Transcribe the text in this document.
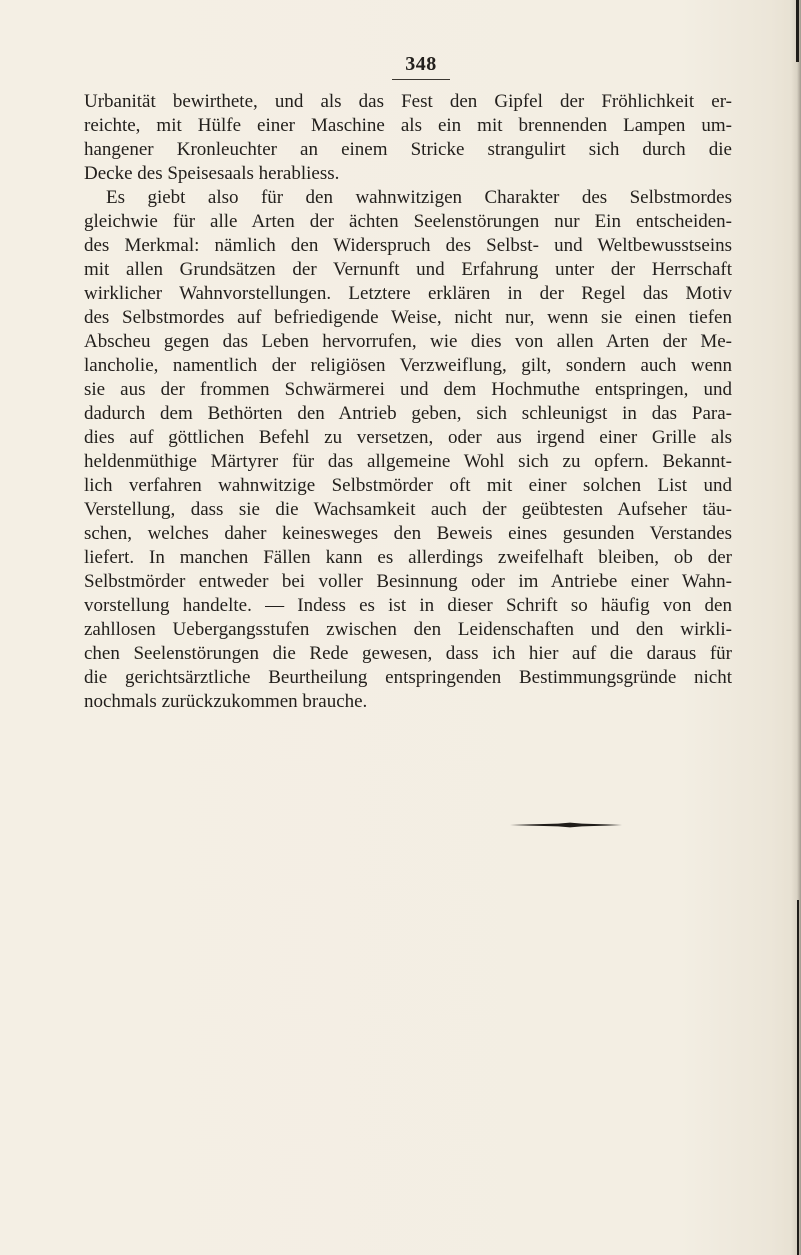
348
Urbanität bewirthete, und als das Fest den Gipfel der Fröhlichkeit er-
reichte, mit Hülfe einer Maschine als ein mit brennenden Lampen um-
hangener Kronleuchter an einem Stricke strangulirt sich durch die
Decke des Speisesaals herabliess.
Es giebt also für den wahnwitzigen Charakter des Selbstmordes
gleichwie für alle Arten der ächten Seelenstörungen nur Ein entscheiden-
des Merkmal: nämlich den Widerspruch des Selbst- und Weltbewusstseins
mit allen Grundsätzen der Vernunft und Erfahrung unter der Herrschaft
wirklicher Wahnvorstellungen. Letztere erklären in der Regel das Motiv
des Selbstmordes auf befriedigende Weise, nicht nur, wenn sie einen tiefen
Abscheu gegen das Leben hervorrufen, wie dies von allen Arten der Me-
lancholie, namentlich der religiösen Verzweiflung, gilt, sondern auch wenn
sie aus der frommen Schwärmerei und dem Hochmuthe entspringen, und
dadurch dem Bethörten den Antrieb geben, sich schleunigst in das Para-
dies auf göttlichen Befehl zu versetzen, oder aus irgend einer Grille als
heldenmüthige Märtyrer für das allgemeine Wohl sich zu opfern. Bekannt-
lich verfahren wahnwitzige Selbstmörder oft mit einer solchen List und
Verstellung, dass sie die Wachsamkeit auch der geübtesten Aufseher täu-
schen, welches daher keinesweges den Beweis eines gesunden Verstandes
liefert. In manchen Fällen kann es allerdings zweifelhaft bleiben, ob der
Selbstmörder entweder bei voller Besinnung oder im Antriebe einer Wahn-
vorstellung handelte. — Indess es ist in dieser Schrift so häufig von den
zahllosen Uebergangsstufen zwischen den Leidenschaften und den wirkli-
chen Seelenstörungen die Rede gewesen, dass ich hier auf die daraus für
die gerichtsärztliche Beurtheilung entspringenden Bestimmungsgründe nicht
nochmals zurückzukommen brauche.
